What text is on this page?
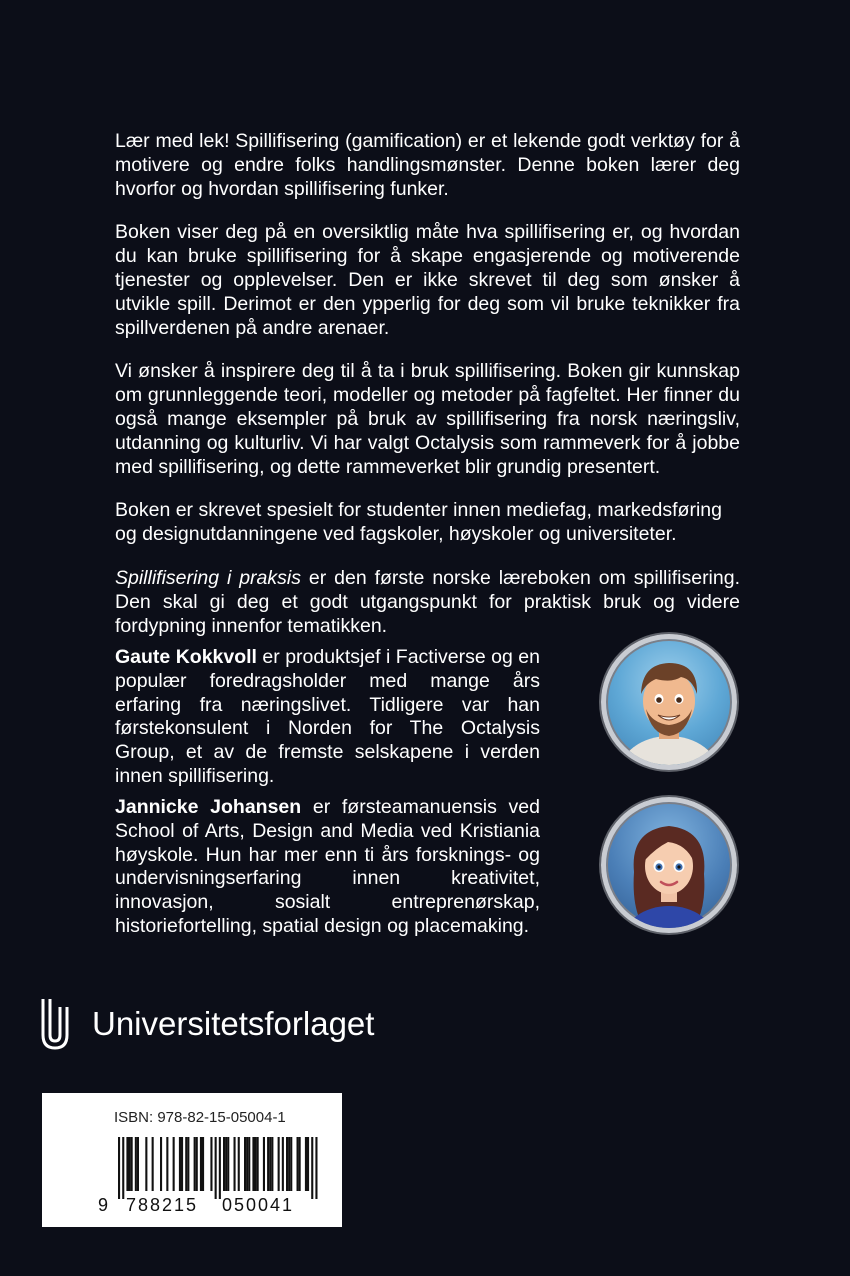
Lær med lek! Spillifisering (gamification) er et lekende godt verktøy for å motivere og endre folks handlingsmønster. Denne boken lærer deg hvorfor og hvordan spillifisering funker.

Boken viser deg på en oversiktlig måte hva spillifisering er, og hvordan du kan bruke spillifisering for å skape engasjerende og motiverende tjenester og opplevelser. Den er ikke skrevet til deg som ønsker å utvikle spill. Derimot er den ypperlig for deg som vil bruke teknikker fra spillverdenen på andre arenaer.

Vi ønsker å inspirere deg til å ta i bruk spillifisering. Boken gir kunnskap om grunnleggende teori, modeller og metoder på fagfeltet. Her finner du også mange eksempler på bruk av spillifisering fra norsk næringsliv, utdanning og kulturliv. Vi har valgt Octalysis som rammeverk for å jobbe med spillifisering, og dette rammeverket blir grundig presentert.

Boken er skrevet spesielt for studenter innen mediefag, markedsføring og designutdanningene ved fagskoler, høyskoler og universiteter.

Spillifisering i praksis er den første norske læreboken om spillifisering. Den skal gi deg et godt utgangspunkt for praktisk bruk og videre fordypning innenfor tematikken.

Gaute Kokkvoll er produktsjef i Factiverse og en populær foredragsholder med mange års erfaring fra næringslivet. Tidligere var han førstekonsulent i Norden for The Octalysis Group, et av de fremste selskapene i verden innen spillifisering.
Jannicke Johansen er førsteamanuensis ved School of Arts, Design and Media ved Kristiania høyskole. Hun har mer enn ti års forsknings- og undervisningserfaring innen kreativitet, innovasjon, sosialt entreprenørskap, historiefortelling, spatial design og placemaking.
Universitetsforlaget
ISBN: 978-82-15-05004-1
9 788215 050041
